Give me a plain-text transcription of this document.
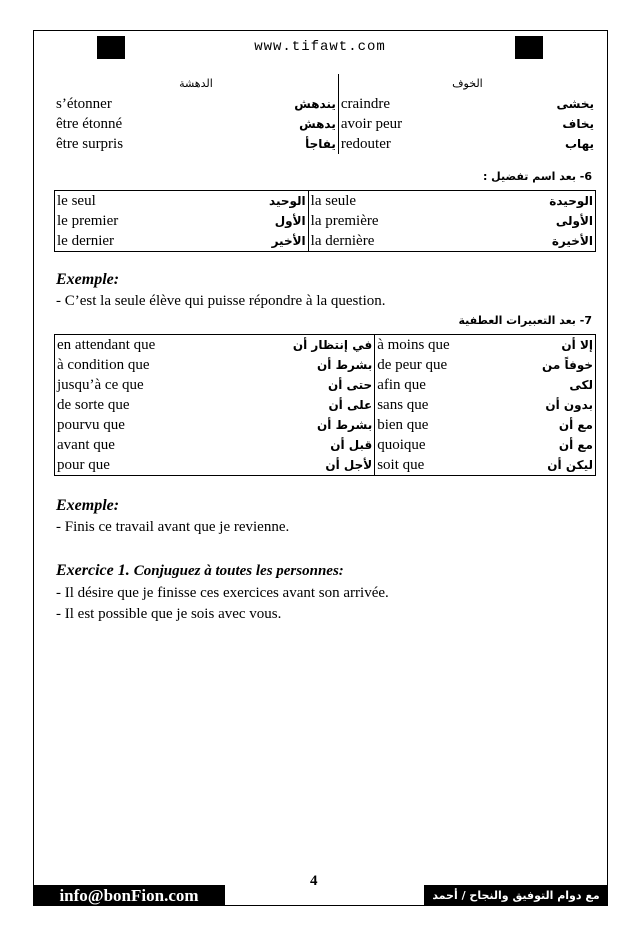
www.tifawt.com
الدهشة	الخوف

s’étonner يندهش	craindre يخشى

être étonné يدهش	avoir peur يخاف

être surpris يفاجأ	redouter يهاب
6- بعد اسم تفضيل :
le seul الوحيد	la seule الوحيدة

le premier الأول	la première الأولى

le dernier الأخير	la dernière الأخيرة
Exemple:
- C’est la seule élève qui puisse répondre à la question.
7- بعد التعبيرات العطفية
en attendant que في إنتظار أن	à moins que إلا أن

à condition que بشرط أن	de peur que خوفاً من

jusqu’à ce que حتى أن	afin que لكى

de sorte que على أن	sans que بدون أن

pourvu que بشرط أن	bien que مع أن

avant que قبل أن	quoique مع أن

pour que لأجل أن	soit que ليكن أن
Exemple:
- Finis ce travail avant que je revienne.
Exercice 1. Conjuguez à toutes les personnes:
- Il désire que je finisse ces exercices avant son arrivée.
- Il est possible que je sois avec vous.
4
info@bonFion.com	مع دوام التوفيق والنجاح / أحمد شلبى
